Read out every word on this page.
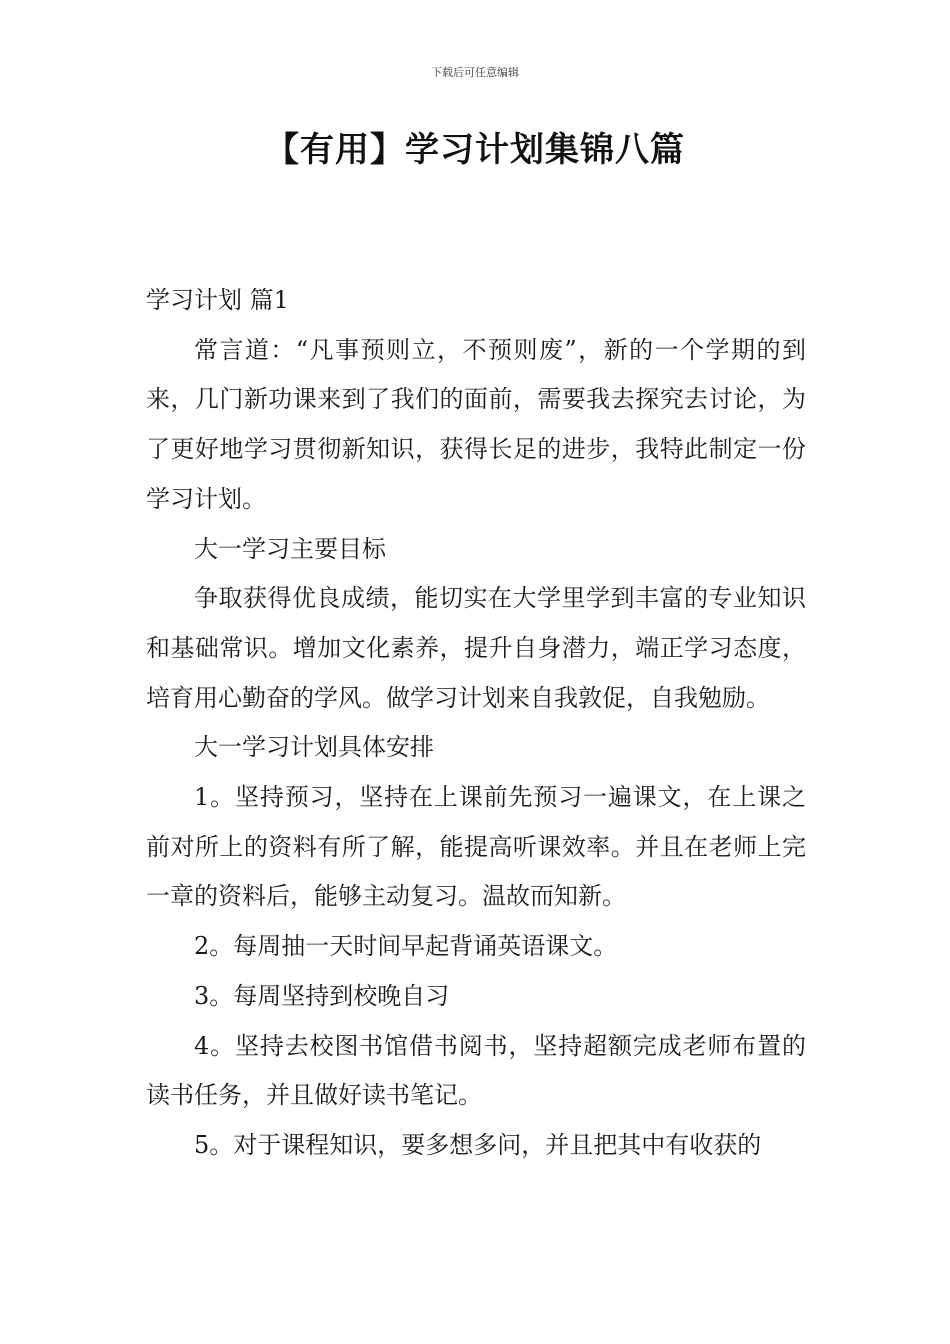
下载后可任意编辑
【有用】学习计划集锦八篇

学习计划 篇1

常言道：“凡事预则立，不预则废”，新的一个学期的到来，几门新功课来到了我们的面前，需要我去探究去讨论，为了更好地学习贯彻新知识，获得长足的进步，我特此制定一份学习计划。

大一学习主要目标

争取获得优良成绩，能切实在大学里学到丰富的专业知识和基础常识。增加文化素养，提升自身潜力，端正学习态度，培育用心勤奋的学风。做学习计划来自我敦促，自我勉励。

大一学习计划具体安排

1。坚持预习，坚持在上课前先预习一遍课文，在上课之前对所上的资料有所了解，能提高听课效率。并且在老师上完一章的资料后，能够主动复习。温故而知新。

2。每周抽一天时间早起背诵英语课文。

3。每周坚持到校晚自习

4。坚持去校图书馆借书阅书，坚持超额完成老师布置的读书任务，并且做好读书笔记。

5。对于课程知识，要多想多问，并且把其中有收获的
